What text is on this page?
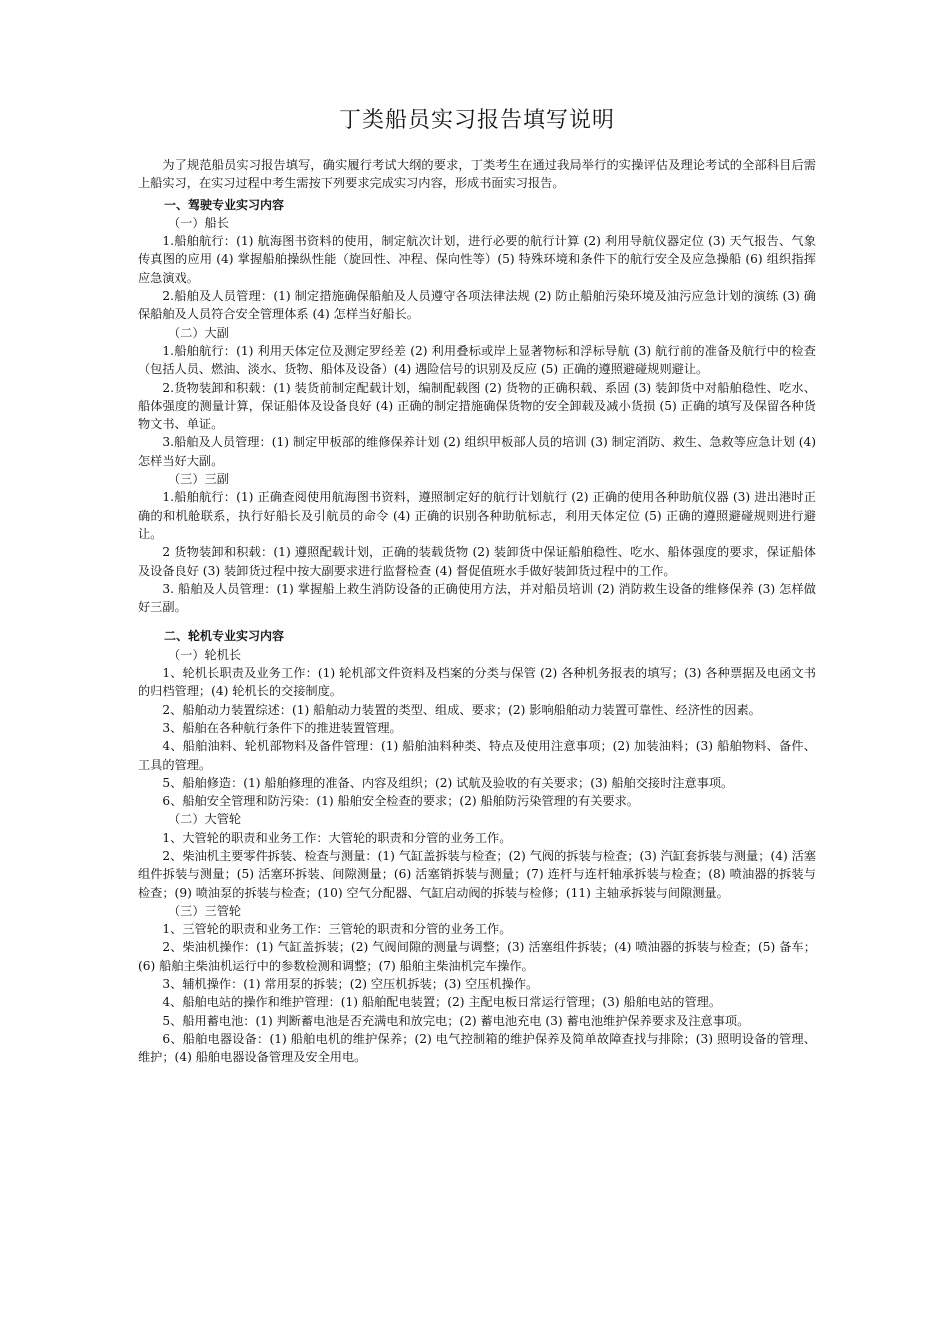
丁类船员实习报告填写说明

为了规范船员实习报告填写，确实履行考试大纲的要求，丁类考生在通过我局举行的实操评估及理论考试的全部科目后需上船实习，在实习过程中考生需按下列要求完成实习内容，形成书面实习报告。

一、驾驶专业实习内容

（一）船长

1.船舶航行：(1) 航海图书资料的使用，制定航次计划，进行必要的航行计算 (2) 利用导航仪器定位 (3) 天气报告、气象传真图的应用 (4) 掌握船舶操纵性能（旋回性、冲程、保向性等）(5) 特殊环境和条件下的航行安全及应急操船 (6) 组织指挥应急演戏。

2.船舶及人员管理：(1) 制定措施确保船舶及人员遵守各项法律法规 (2) 防止船舶污染环境及油污应急计划的演练 (3) 确保船舶及人员符合安全管理体系 (4) 怎样当好船长。

（二）大副

1.船舶航行：(1) 利用天体定位及测定罗经差 (2) 利用叠标或岸上显著物标和浮标导航 (3) 航行前的准备及航行中的检查（包括人员、燃油、淡水、货物、船体及设备）(4) 遇险信号的识别及反应 (5) 正确的遵照避碰规则避让。

2.货物装卸和积载：(1) 装货前制定配载计划，编制配载图 (2) 货物的正确积载、系固 (3) 装卸货中对船舶稳性、吃水、船体强度的测量计算，保证船体及设备良好 (4) 正确的制定措施确保货物的安全卸载及减小货损 (5) 正确的填写及保留各种货物文书、单证。

3.船舶及人员管理：(1) 制定甲板部的维修保养计划 (2) 组织甲板部人员的培训 (3) 制定消防、救生、急救等应急计划 (4) 怎样当好大副。

（三）三副

1.船舶航行：(1) 正确查阅使用航海图书资料，遵照制定好的航行计划航行 (2) 正确的使用各种助航仪器 (3) 进出港时正确的和机舱联系，执行好船长及引航员的命令 (4) 正确的识别各种助航标志，利用天体定位 (5) 正确的遵照避碰规则进行避让。

2 货物装卸和积载：(1) 遵照配载计划，正确的装载货物 (2) 装卸货中保证船舶稳性、吃水、船体强度的要求，保证船体及设备良好 (3) 装卸货过程中按大副要求进行监督检查 (4) 督促值班水手做好装卸货过程中的工作。

3. 船舶及人员管理：(1) 掌握船上救生消防设备的正确使用方法，并对船员培训 (2) 消防救生设备的维修保养 (3) 怎样做好三副。

二、轮机专业实习内容

（一）轮机长

1、轮机长职责及业务工作：(1) 轮机部文件资料及档案的分类与保管 (2) 各种机务报表的填写；(3) 各种票据及电函文书的归档管理；(4) 轮机长的交接制度。

2、船舶动力装置综述：(1) 船舶动力装置的类型、组成、要求；(2) 影响船舶动力装置可靠性、经济性的因素。

3、船舶在各种航行条件下的推进装置管理。

4、船舶油料、轮机部物料及备件管理：(1) 船舶油料种类、特点及使用注意事项；(2) 加装油料；(3) 船舶物料、备件、工具的管理。

5、船舶修造：(1) 船舶修理的准备、内容及组织；(2) 试航及验收的有关要求；(3) 船舶交接时注意事项。

6、船舶安全管理和防污染：(1) 船舶安全检查的要求；(2) 船舶防污染管理的有关要求。

（二）大管轮

1、大管轮的职责和业务工作：大管轮的职责和分管的业务工作。

2、柴油机主要零件拆装、检查与测量：(1) 气缸盖拆装与检查；(2) 气阀的拆装与检查；(3) 汽缸套拆装与测量；(4) 活塞组件拆装与测量；(5) 活塞环拆装、间隙测量；(6) 活塞销拆装与测量；(7) 连杆与连杆轴承拆装与检查；(8) 喷油器的拆装与检查；(9) 喷油泵的拆装与检查；(10) 空气分配器、气缸启动阀的拆装与检修；(11) 主轴承拆装与间隙测量。

（三）三管轮

1、三管轮的职责和业务工作：三管轮的职责和分管的业务工作。

2、柴油机操作：(1) 气缸盖拆装；(2) 气阀间隙的测量与调整；(3) 活塞组件拆装；(4) 喷油器的拆装与检查；(5) 备车；(6) 船舶主柴油机运行中的参数检测和调整；(7) 船舶主柴油机完车操作。

3、辅机操作：(1) 常用泵的拆装；(2) 空压机拆装；(3) 空压机操作。

4、船舶电站的操作和维护管理：(1) 船舶配电装置；(2) 主配电板日常运行管理；(3) 船舶电站的管理。

5、船用蓄电池：(1) 判断蓄电池是否充满电和放完电；(2) 蓄电池充电 (3) 蓄电池维护保养要求及注意事项。

6、船舶电器设备：(1) 船舶电机的维护保养；(2) 电气控制箱的维护保养及简单故障查找与排除；(3) 照明设备的管理、维护；(4) 船舶电器设备管理及安全用电。
